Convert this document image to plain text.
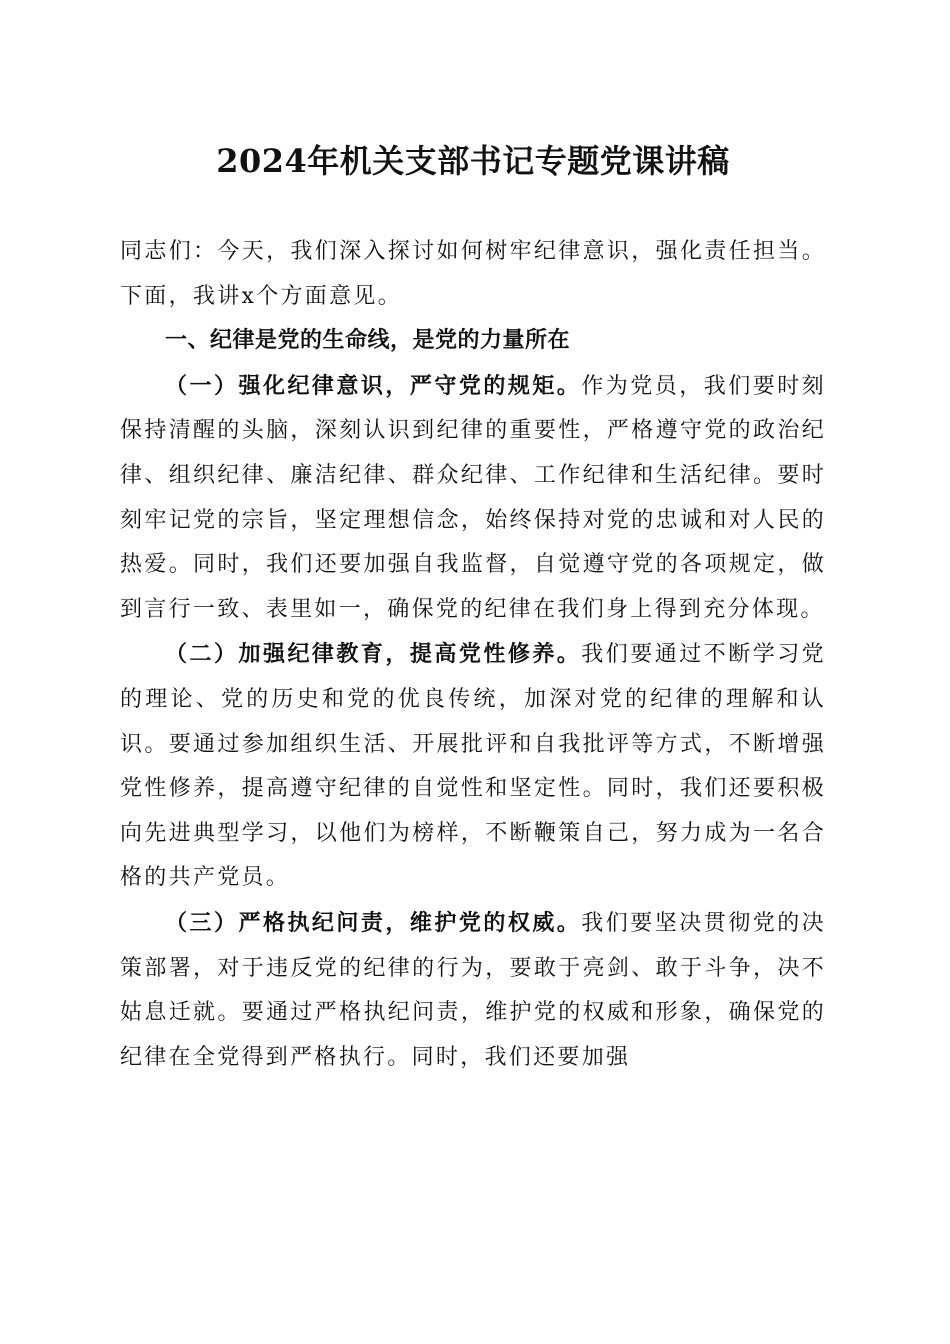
2024年机关支部书记专题党课讲稿

同志们：今天，我们深入探讨如何树牢纪律意识，强化责任担当。下面，我讲x个方面意见。

一、纪律是党的生命线，是党的力量所在

（一）强化纪律意识，严守党的规矩。作为党员，我们要时刻保持清醒的头脑，深刻认识到纪律的重要性，严格遵守党的政治纪律、组织纪律、廉洁纪律、群众纪律、工作纪律和生活纪律。要时刻牢记党的宗旨，坚定理想信念，始终保持对党的忠诚和对人民的热爱。同时，我们还要加强自我监督，自觉遵守党的各项规定，做到言行一致、表里如一，确保党的纪律在我们身上得到充分体现。

（二）加强纪律教育，提高党性修养。我们要通过不断学习党的理论、党的历史和党的优良传统，加深对党的纪律的理解和认识。要通过参加组织生活、开展批评和自我批评等方式，不断增强党性修养，提高遵守纪律的自觉性和坚定性。同时，我们还要积极向先进典型学习，以他们为榜样，不断鞭策自己，努力成为一名合格的共产党员。

（三）严格执纪问责，维护党的权威。我们要坚决贯彻党的决策部署，对于违反党的纪律的行为，要敢于亮剑、敢于斗争，决不姑息迁就。要通过严格执纪问责，维护党的权威和形象，确保党的纪律在全党得到严格执行。同时，我们还要加强
